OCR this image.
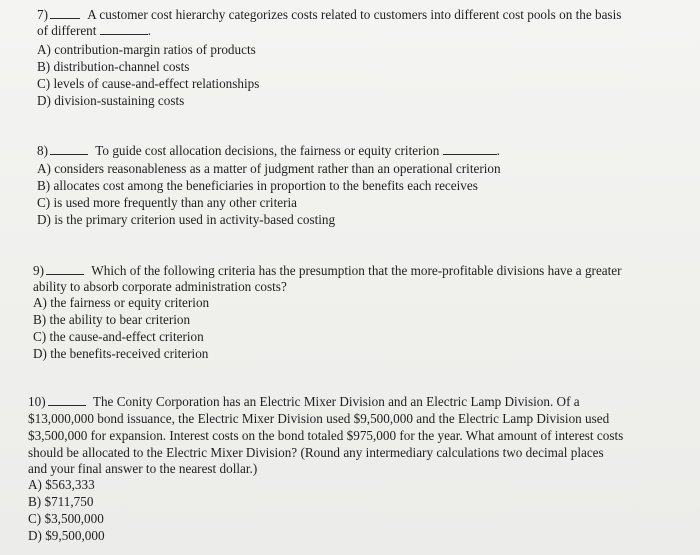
7)	A customer cost hierarchy categorizes costs related to customers into different cost pools on the basis
of different	.
A) contribution-margin ratios of products
B) distribution-channel costs
C) levels of cause-and-effect relationships
D) division-sustaining costs
8)	To guide cost allocation decisions, the fairness or equity criterion	.
A) considers reasonableness as a matter of judgment rather than an operational criterion
B) allocates cost among the beneficiaries in proportion to the benefits each receives
C) is used more frequently than any other criteria
D) is the primary criterion used in activity-based costing
9)	Which of the following criteria has the presumption that the more-profitable divisions have a greater
ability to absorb corporate administration costs?
A) the fairness or equity criterion
B) the ability to bear criterion
C) the cause-and-effect criterion
D) the benefits-received criterion
10)	The Conity Corporation has an Electric Mixer Division and an Electric Lamp Division. Of a
$13,000,000 bond issuance, the Electric Mixer Division used $9,500,000 and the Electric Lamp Division used
$3,500,000 for expansion. Interest costs on the bond totaled $975,000 for the year. What amount of interest costs
should be allocated to the Electric Mixer Division? (Round any intermediary calculations two decimal places
and your final answer to the nearest dollar.)
A) $563,333
B) $711,750
C) $3,500,000
D) $9,500,000
